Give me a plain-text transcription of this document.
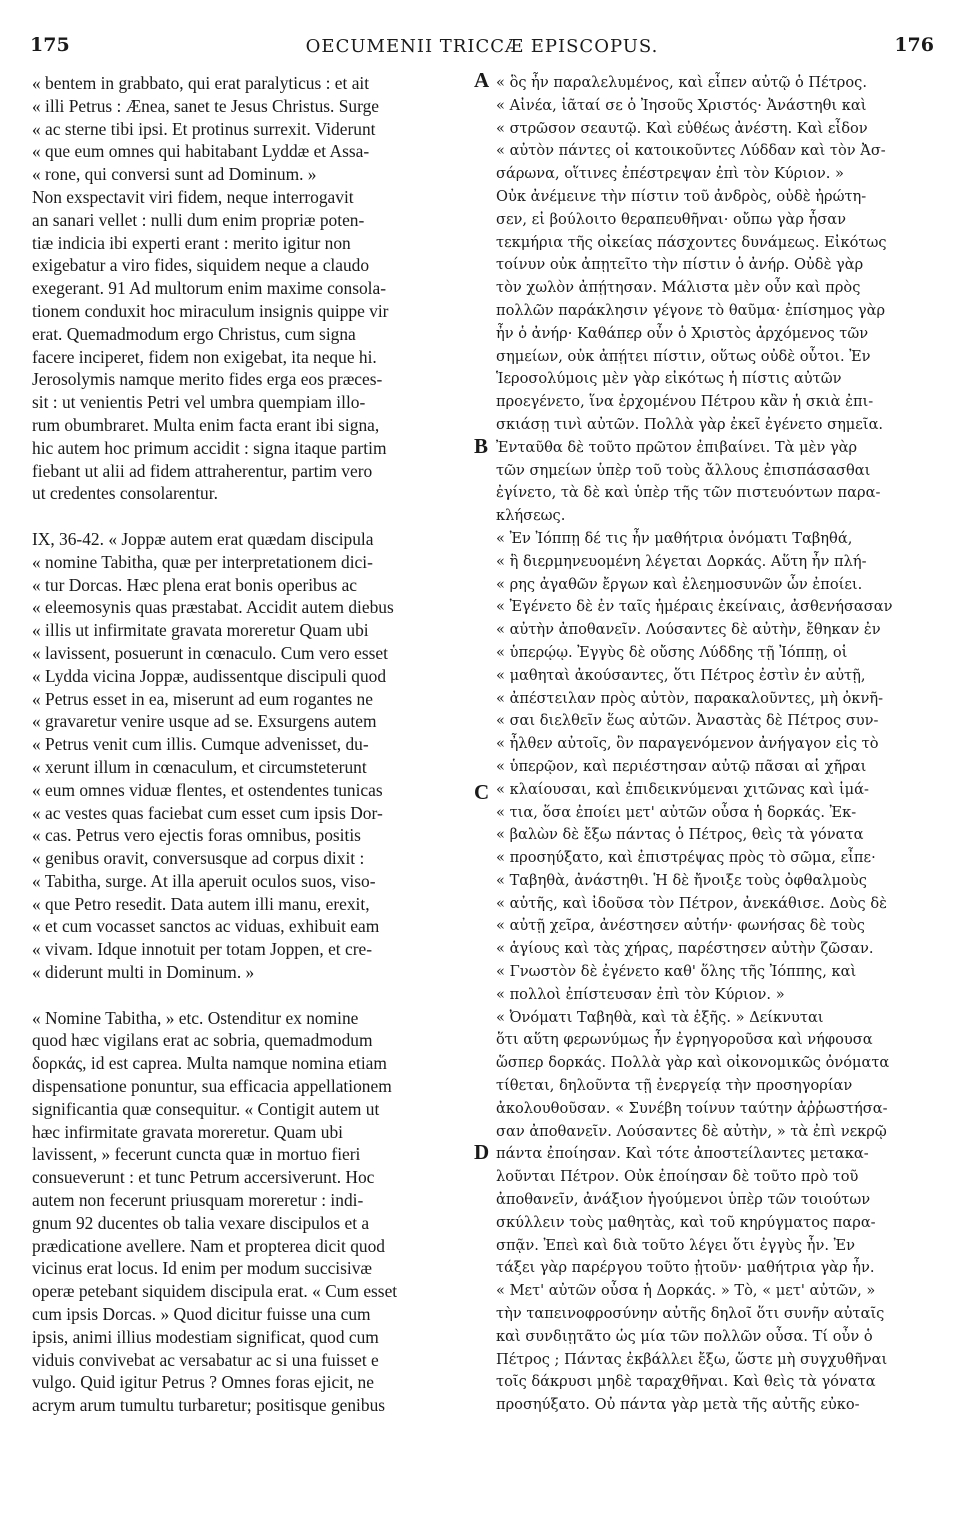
175	OECUMENII TRICCÆ EPISCOPUS.	176
« bentem in grabbato, qui erat paralyticus : et ait
« illi Petrus : Ænea, sanet te Jesus Christus. Surge
« ac sterne tibi ipsi. Et protinus surrexit. Viderunt
« que eum omnes qui habitabant Lyddæ et Assa-
« rone, qui conversi sunt ad Dominum. »
Non exspectavit viri fidem, neque interrogavit
an sanari vellet : nulli dum enim propriæ poten-
tiæ indicia ibi experti erant : merito igitur non
exigebatur a viro fides, siquidem neque a claudo
exegerant. 91 Ad multorum enim maxime consola-
tionem conduxit hoc miraculum insignis quippe vir
erat. Quemadmodum ergo Christus, cum signa
facere inciperet, fidem non exigebat, ita neque hi.
Jerosolymis namque merito fides erga eos præces-
sit : ut venientis Petri vel umbra quempiam illo-
rum obumbraret. Multa enim facta erant ibi signa,
hic autem hoc primum accidit : signa itaque partim
fiebant ut alii ad fidem attraherentur, partim vero
ut credentes consolarentur.
IX, 36-42. « Joppæ autem erat quædam discipula
« nomine Tabitha, quæ per interpretationem dici-
« tur Dorcas. Hæc plena erat bonis operibus ac
« eleemosynis quas præstabat. Accidit autem diebus
« illis ut infirmitate gravata moreretur Quam ubi
« lavissent, posuerunt in cœnaculo. Cum vero esset
« Lydda vicina Joppæ, audissentque discipuli quod
« Petrus esset in ea, miserunt ad eum rogantes ne
« gravaretur venire usque ad se. Exsurgens autem
« Petrus venit cum illis. Cumque advenisset, du-
« xerunt illum in cœnaculum, et circumsteterunt
« eum omnes viduæ flentes, et ostendentes tunicas
« ac vestes quas faciebat cum esset cum ipsis Dor-
« cas. Petrus vero ejectis foras omnibus, positis
« genibus oravit, conversusque ad corpus dixit :
« Tabitha, surge. At illa aperuit oculos suos, viso-
« que Petro resedit. Data autem illi manu, erexit,
« et cum vocasset sanctos ac viduas, exhibuit eam
« vivam. Idque innotuit per totam Joppen, et cre-
« diderunt multi in Dominum. »
« Nomine Tabitha, » etc. Ostenditur ex nomine
quod hæc vigilans erat ac sobria, quemadmodum
δορκάς, id est caprea. Multa namque nomina etiam
dispensatione ponuntur, sua efficacia appellationem
significantia quæ consequitur. « Contigit autem ut
hæc infirmitate gravata moreretur. Quam ubi
lavissent, » fecerunt cuncta quæ in mortuo fieri
consueverunt : et tunc Petrum accersiverunt. Hoc
autem non fecerunt priusquam moreretur : indi-
gnum 92 ducentes ob talia vexare discipulos et a
prædicatione avellere. Nam et propterea dicit quod
vicinus erat locus. Id enim per modum succisivæ
operæ petebant siquidem discipula erat. « Cum esset
cum ipsis Dorcas. » Quod dicitur fuisse una cum
ipsis, animi illius modestiam significat, quod cum
viduis convivebat ac versabatur ac si una fuisset e
vulgo. Quid igitur Petrus ? Omnes foras ejicit, ne
acrym arum tumultu turbaretur; positisque genibus
« ὃς ἦν παραλελυμένος, καὶ εἶπεν αὐτῷ ὁ Πέτρος.
« Αἰνέα, ἰᾶταί σε ὁ Ἰησοῦς Χριστός· Ἀνάστηθι καὶ
« στρῶσον σεαυτῷ. Καὶ εὐθέως ἀνέστη. Καὶ εἶδον
« αὐτὸν πάντες οἱ κατοικοῦντες Λύδδαν καὶ τὸν Ἀσ-
σάρωνα, οἵτινες ἐπέστρεψαν ἐπὶ τὸν Κύριον. »
Οὐκ ἀνέμεινε τὴν πίστιν τοῦ ἀνδρὸς, οὐδὲ ἠρώτη-
σεν, εἰ βούλοιτο θεραπευθῆναι· οὔπω γὰρ ἦσαν
τεκμήρια τῆς οἰκείας πάσχοντες δυνάμεως. Εἰκότως
τοίνυν οὐκ ἀπῃτεῖτο τὴν πίστιν ὁ ἀνήρ. Οὐδὲ γὰρ
τὸν χωλὸν ἀπῄτησαν. Μάλιστα μὲν οὖν καὶ πρὸς
πολλῶν παράκλησιν γέγονε τὸ θαῦμα· ἐπίσημος γὰρ
ἦν ὁ ἀνήρ· Καθάπερ οὖν ὁ Χριστὸς ἀρχόμενος τῶν
σημείων, οὐκ ἀπῄτει πίστιν, οὕτως οὐδὲ οὗτοι. Ἐν
Ἱεροσολύμοις μὲν γὰρ εἰκότως ἡ πίστις αὐτῶν
προεγένετο, ἵνα ἐρχομένου Πέτρου κἂν ἡ σκιὰ ἐπι-
σκιάσῃ τινὶ αὐτῶν. Πολλὰ γὰρ ἐκεῖ ἐγένετο σημεῖα.
Ἐνταῦθα δὲ τοῦτο πρῶτον ἐπιβαίνει. Τὰ μὲν γὰρ
τῶν σημείων ὑπὲρ τοῦ τοὺς ἄλλους ἐπισπάσασθαι
ἐγίνετο, τὰ δὲ καὶ ὑπὲρ τῆς τῶν πιστευόντων παρα-
κλήσεως.
« Ἐν Ἰόππῃ δέ τις ἦν μαθήτρια ὀνόματι Ταβηθά,
« ἣ διερμηνευομένη λέγεται Δορκάς. Αὕτη ἦν πλή-
« ρης ἀγαθῶν ἔργων καὶ ἐλεημοσυνῶν ὧν ἐποίει.
« Ἐγένετο δὲ ἐν ταῖς ἡμέραις ἐκείναις, ἀσθενήσασαν
« αὐτὴν ἀποθανεῖν. Λούσαντες δὲ αὐτὴν, ἔθηκαν ἐν
« ὑπερῴῳ. Ἐγγὺς δὲ οὔσης Λύδδης τῇ Ἰόππῃ, οἱ
« μαθηταὶ ἀκούσαντες, ὅτι Πέτρος ἐστὶν ἐν αὐτῇ,
« ἀπέστειλαν πρὸς αὐτὸν, παρακαλοῦντες, μὴ ὀκνῆ-
« σαι διελθεῖν ἕως αὐτῶν. Ἀναστὰς δὲ Πέτρος συν-
« ἦλθεν αὐτοῖς, ὃν παραγενόμενον ἀνήγαγον εἰς τὸ
« ὑπερῷον, καὶ περιέστησαν αὐτῷ πᾶσαι αἱ χῆραι
« κλαίουσαι, καὶ ἐπιδεικνύμεναι χιτῶνας καὶ ἱμά-
« τια, ὅσα ἐποίει μετ' αὐτῶν οὖσα ἡ δορκάς. Ἐκ-
« βαλὼν δὲ ἔξω πάντας ὁ Πέτρος, θεὶς τὰ γόνατα
« προσηύξατο, καὶ ἐπιστρέψας πρὸς τὸ σῶμα, εἶπε·
« Ταβηθὰ, ἀνάστηθι. Ἡ δὲ ἤνοιξε τοὺς ὀφθαλμοὺς
« αὐτῆς, καὶ ἰδοῦσα τὸν Πέτρον, ἀνεκάθισε. Δοὺς δὲ
« αὐτῇ χεῖρα, ἀνέστησεν αὐτήν· φωνήσας δὲ τοὺς
« ἁγίους καὶ τὰς χήρας, παρέστησεν αὐτὴν ζῶσαν.
« Γνωστὸν δὲ ἐγένετο καθ' ὅλης τῆς Ἰόππης, καὶ
« πολλοὶ ἐπίστευσαν ἐπὶ τὸν Κύριον. »
« Ὀνόματι Ταβηθὰ, καὶ τὰ ἑξῆς. » Δείκνυται
ὅτι αὕτη φερωνύμως ἦν ἐγρηγοροῦσα καὶ νήφουσα
ὥσπερ δορκάς. Πολλὰ γὰρ καὶ οἰκονομικῶς ὀνόματα
τίθεται, δηλοῦντα τῇ ἐνεργείᾳ τὴν προσηγορίαν
ἀκολουθοῦσαν. « Συνέβη τοίνυν ταύτην ἀῤῥωστήσα-
σαν ἀποθανεῖν. Λούσαντες δὲ αὐτὴν, » τὰ ἐπὶ νεκρῷ
πάντα ἐποίησαν. Καὶ τότε ἀποστείλαντες μετακα-
λοῦνται Πέτρον. Οὐκ ἐποίησαν δὲ τοῦτο πρὸ τοῦ
ἀποθανεῖν, ἀνάξιον ἡγούμενοι ὑπὲρ τῶν τοιούτων
σκύλλειν τοὺς μαθητὰς, καὶ τοῦ κηρύγματος παρα-
σπᾷν. Ἐπεὶ καὶ διὰ τοῦτο λέγει ὅτι ἐγγὺς ἦν. Ἐν
τάξει γὰρ παρέργου τοῦτο ᾐτοῦν· μαθήτρια γὰρ ἦν.
« Μετ' αὐτῶν οὖσα ἡ Δορκάς. » Τὸ, « μετ' αὐτῶν, »
τὴν ταπεινοφροσύνην αὐτῆς δηλοῖ ὅτι συνῆν αὐταῖς
καὶ συνδιῃτᾶτο ὡς μία τῶν πολλῶν οὖσα. Τί οὖν ὁ
Πέτρος ; Πάντας ἐκβάλλει ἔξω, ὥστε μὴ συγχυθῆναι
τοῖς δάκρυσι μηδὲ ταραχθῆναι. Καὶ θεὶς τὰ γόνατα
προσηύξατο. Οὐ πάντα γὰρ μετὰ τῆς αὐτῆς εὐκο-
A
B
C
D
